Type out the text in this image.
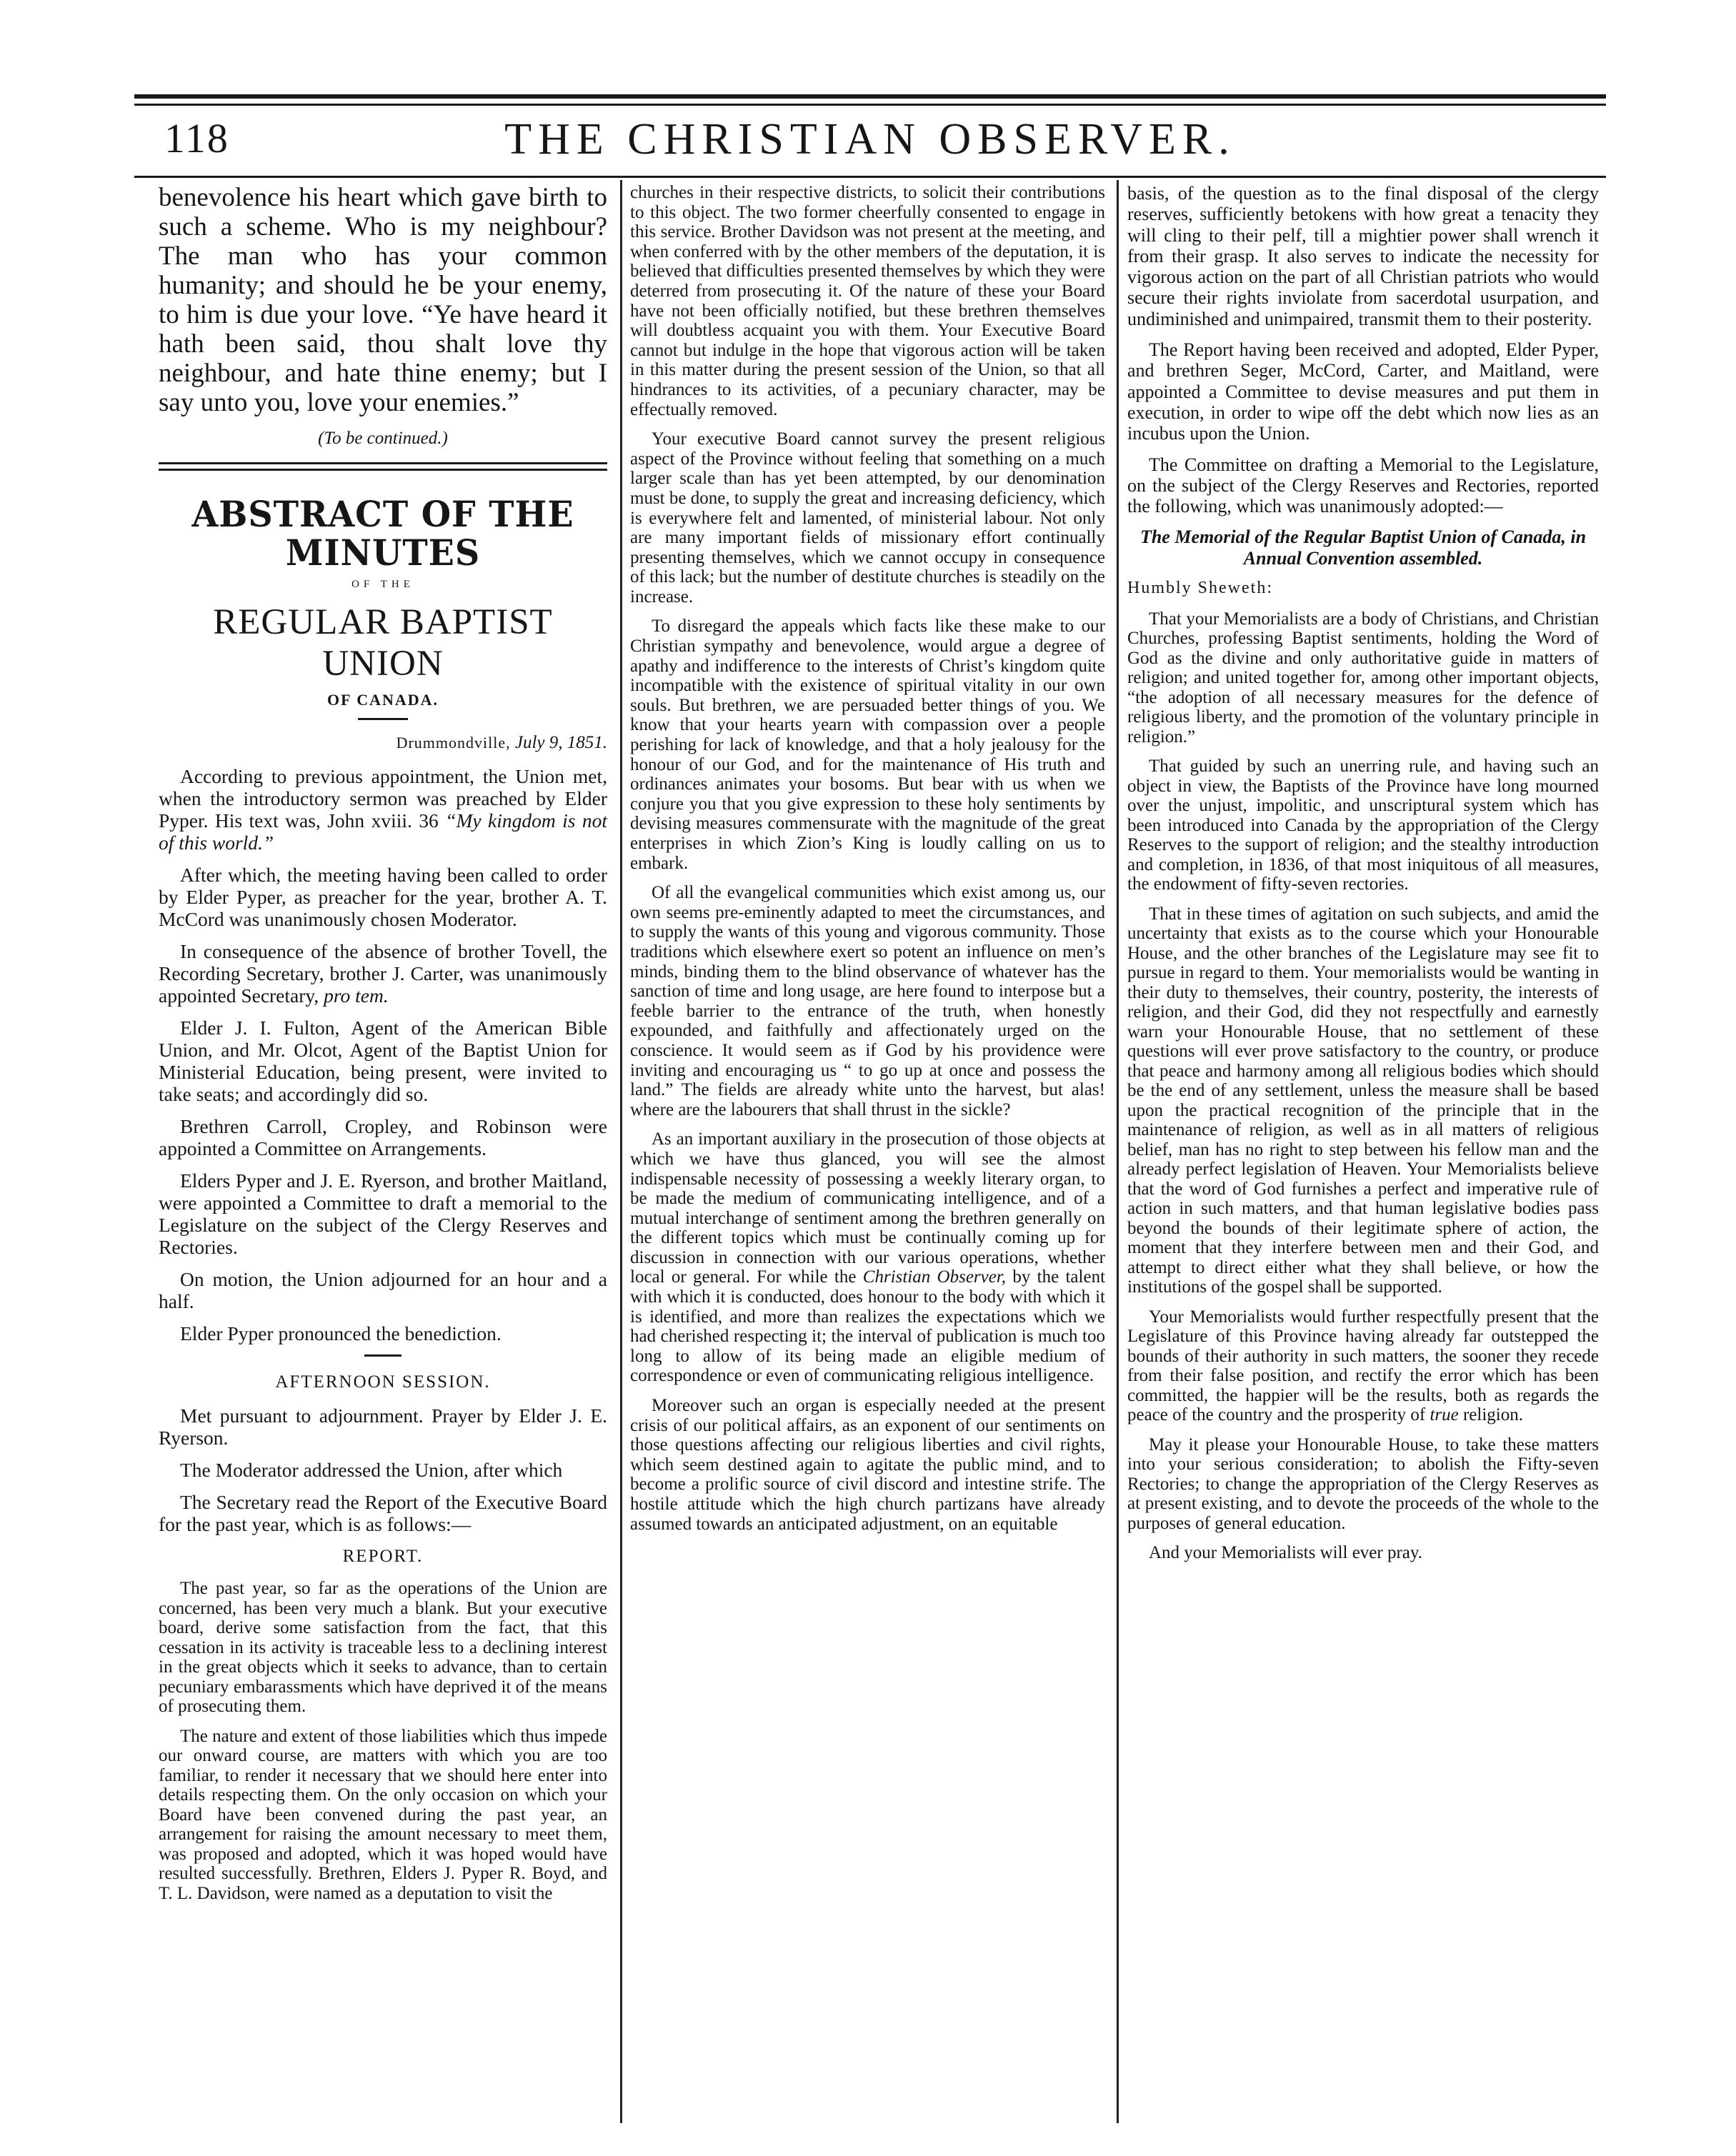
THE CHRISTIAN OBSERVER.
118

benevolence his heart which gave birth to such a scheme. Who is my neighbour? The man who has your common humanity; and should he be your enemy, to him is due your love. “Ye have heard it hath been said, thou shalt love thy neighbour, and hate thine enemy; but I say unto you, love your enemies.”

(To be continued.)

ABSTRACT OF THE MINUTES
OF THE
REGULAR BAPTIST UNION
OF CANADA.

Drummondville, July 9, 1851.

According to previous appointment, the Union met, when the introductory sermon was preached by Elder Pyper. His text was, John xviii. 36 “My kingdom is not of this world.”

After which, the meeting having been called to order by Elder Pyper, as preacher for the year, brother A. T. McCord was unanimously chosen Moderator.

In consequence of the absence of brother Tovell, the Recording Secretary, brother J. Carter, was unanimously appointed Secretary, pro tem.

Elder J. I. Fulton, Agent of the American Bible Union, and Mr. Olcot, Agent of the Baptist Union for Ministerial Education, being present, were invited to take seats; and accordingly did so.

Brethren Carroll, Cropley, and Robinson were appointed a Committee on Arrangements.

Elders Pyper and J. E. Ryerson, and brother Maitland, were appointed a Committee to draft a memorial to the Legislature on the subject of the Clergy Reserves and Rectories.

On motion, the Union adjourned for an hour and a half.

Elder Pyper pronounced the benediction.

AFTERNOON SESSION.

Met pursuant to adjournment. Prayer by Elder J. E. Ryerson.

The Moderator addressed the Union, after which

The Secretary read the Report of the Executive Board for the past year, which is as follows:—

REPORT.

The past year, so far as the operations of the Union are concerned, has been very much a blank. But your executive board, derive some satisfaction from the fact, that this cessation in its activity is traceable less to a declining interest in the great objects which it seeks to advance, than to certain pecuniary embarassments which have deprived it of the means of prosecuting them.

The nature and extent of those liabilities which thus impede our onward course, are matters with which you are too familiar, to render it necessary that we should here enter into details respecting them. On the only occasion on which your Board have been convened during the past year, an arrangement for raising the amount necessary to meet them, was proposed and adopted, which it was hoped would have resulted successfully. Brethren, Elders J. Pyper R. Boyd, and T. L. Davidson, were named as a deputation to visit the

churches in their respective districts, to solicit their contributions to this object. The two former cheerfully consented to engage in this service. Brother Davidson was not present at the meeting, and when conferred with by the other members of the deputation, it is believed that difficulties presented themselves by which they were deterred from prosecuting it. Of the nature of these your Board have not been officially notified, but these brethren themselves will doubtless acquaint you with them. Your Executive Board cannot but indulge in the hope that vigorous action will be taken in this matter during the present session of the Union, so that all hindrances to its activities, of a pecuniary character, may be effectually removed.

Your executive Board cannot survey the present religious aspect of the Province without feeling that something on a much larger scale than has yet been attempted, by our denomination must be done, to supply the great and increasing deficiency, which is everywhere felt and lamented, of ministerial labour. Not only are many important fields of missionary effort continually presenting themselves, which we cannot occupy in consequence of this lack; but the number of destitute churches is steadily on the increase.

To disregard the appeals which facts like these make to our Christian sympathy and benevolence, would argue a degree of apathy and indifference to the interests of Christ’s kingdom quite incompatible with the existence of spiritual vitality in our own souls. But brethren, we are persuaded better things of you. We know that your hearts yearn with compassion over a people perishing for lack of knowledge, and that a holy jealousy for the honour of our God, and for the maintenance of His truth and ordinances animates your bosoms. But bear with us when we conjure you that you give expression to these holy sentiments by devising measures commensurate with the magnitude of the great enterprises in which Zion’s King is loudly calling on us to embark.

Of all the evangelical communities which exist among us, our own seems pre-eminently adapted to meet the circumstances, and to supply the wants of this young and vigorous community. Those traditions which elsewhere exert so potent an influence on men’s minds, binding them to the blind observance of whatever has the sanction of time and long usage, are here found to interpose but a feeble barrier to the entrance of the truth, when honestly expounded, and faithfully and affectionately urged on the conscience. It would seem as if God by his providence were inviting and encouraging us “ to go up at once and possess the land.” The fields are already white unto the harvest, but alas! where are the labourers that shall thrust in the sickle?

As an important auxiliary in the prosecution of those objects at which we have thus glanced, you will see the almost indispensable necessity of possessing a weekly literary organ, to be made the medium of communicating intelligence, and of a mutual interchange of sentiment among the brethren generally on the different topics which must be continually coming up for discussion in connection with our various operations, whether local or general. For while the Christian Observer, by the talent with which it is conducted, does honour to the body with which it is identified, and more than realizes the expectations which we had cherished respecting it; the interval of publication is much too long to allow of its being made an eligible medium of correspondence or even of communicating religious intelligence.

Moreover such an organ is especially needed at the present crisis of our political affairs, as an exponent of our sentiments on those questions affecting our religious liberties and civil rights, which seem destined again to agitate the public mind, and to become a prolific source of civil discord and intestine strife. The hostile attitude which the high church partizans have already assumed towards an anticipated adjustment, on an equitable

basis, of the question as to the final disposal of the clergy reserves, sufficiently betokens with how great a tenacity they will cling to their pelf, till a mightier power shall wrench it from their grasp. It also serves to indicate the necessity for vigorous action on the part of all Christian patriots who would secure their rights inviolate from sacerdotal usurpation, and undiminished and unimpaired, transmit them to their posterity.

The Report having been received and adopted, Elder Pyper, and brethren Seger, McCord, Carter, and Maitland, were appointed a Committee to devise measures and put them in execution, in order to wipe off the debt which now lies as an incubus upon the Union.

The Committee on drafting a Memorial to the Legislature, on the subject of the Clergy Reserves and Rectories, reported the following, which was unanimously adopted:—

The Memorial of the Regular Baptist Union of Canada, in Annual Convention assembled.

Humbly Sheweth:

That your Memorialists are a body of Christians, and Christian Churches, professing Baptist sentiments, holding the Word of God as the divine and only authoritative guide in matters of religion; and united together for, among other important objects, “the adoption of all necessary measures for the defence of religious liberty, and the promotion of the voluntary principle in religion.”

That guided by such an unerring rule, and having such an object in view, the Baptists of the Province have long mourned over the unjust, impolitic, and unscriptural system which has been introduced into Canada by the appropriation of the Clergy Reserves to the support of religion; and the stealthy introduction and completion, in 1836, of that most iniquitous of all measures, the endowment of fifty-seven rectories.

That in these times of agitation on such subjects, and amid the uncertainty that exists as to the course which your Honourable House, and the other branches of the Legislature may see fit to pursue in regard to them. Your memorialists would be wanting in their duty to themselves, their country, posterity, the interests of religion, and their God, did they not respectfully and earnestly warn your Honourable House, that no settlement of these questions will ever prove satisfactory to the country, or produce that peace and harmony among all religious bodies which should be the end of any settlement, unless the measure shall be based upon the practical recognition of the principle that in the maintenance of religion, as well as in all matters of religious belief, man has no right to step between his fellow man and the already perfect legislation of Heaven. Your Memorialists believe that the word of God furnishes a perfect and imperative rule of action in such matters, and that human legislative bodies pass beyond the bounds of their legitimate sphere of action, the moment that they interfere between men and their God, and attempt to direct either what they shall believe, or how the institutions of the gospel shall be supported.

Your Memorialists would further respectfully present that the Legislature of this Province having already far outstepped the bounds of their authority in such matters, the sooner they recede from their false position, and rectify the error which has been committed, the happier will be the results, both as regards the peace of the country and the prosperity of true religion.

May it please your Honourable House, to take these matters into your serious consideration; to abolish the Fifty-seven Rectories; to change the appropriation of the Clergy Reserves as at present existing, and to devote the proceeds of the whole to the purposes of general education.

And your Memorialists will ever pray.
